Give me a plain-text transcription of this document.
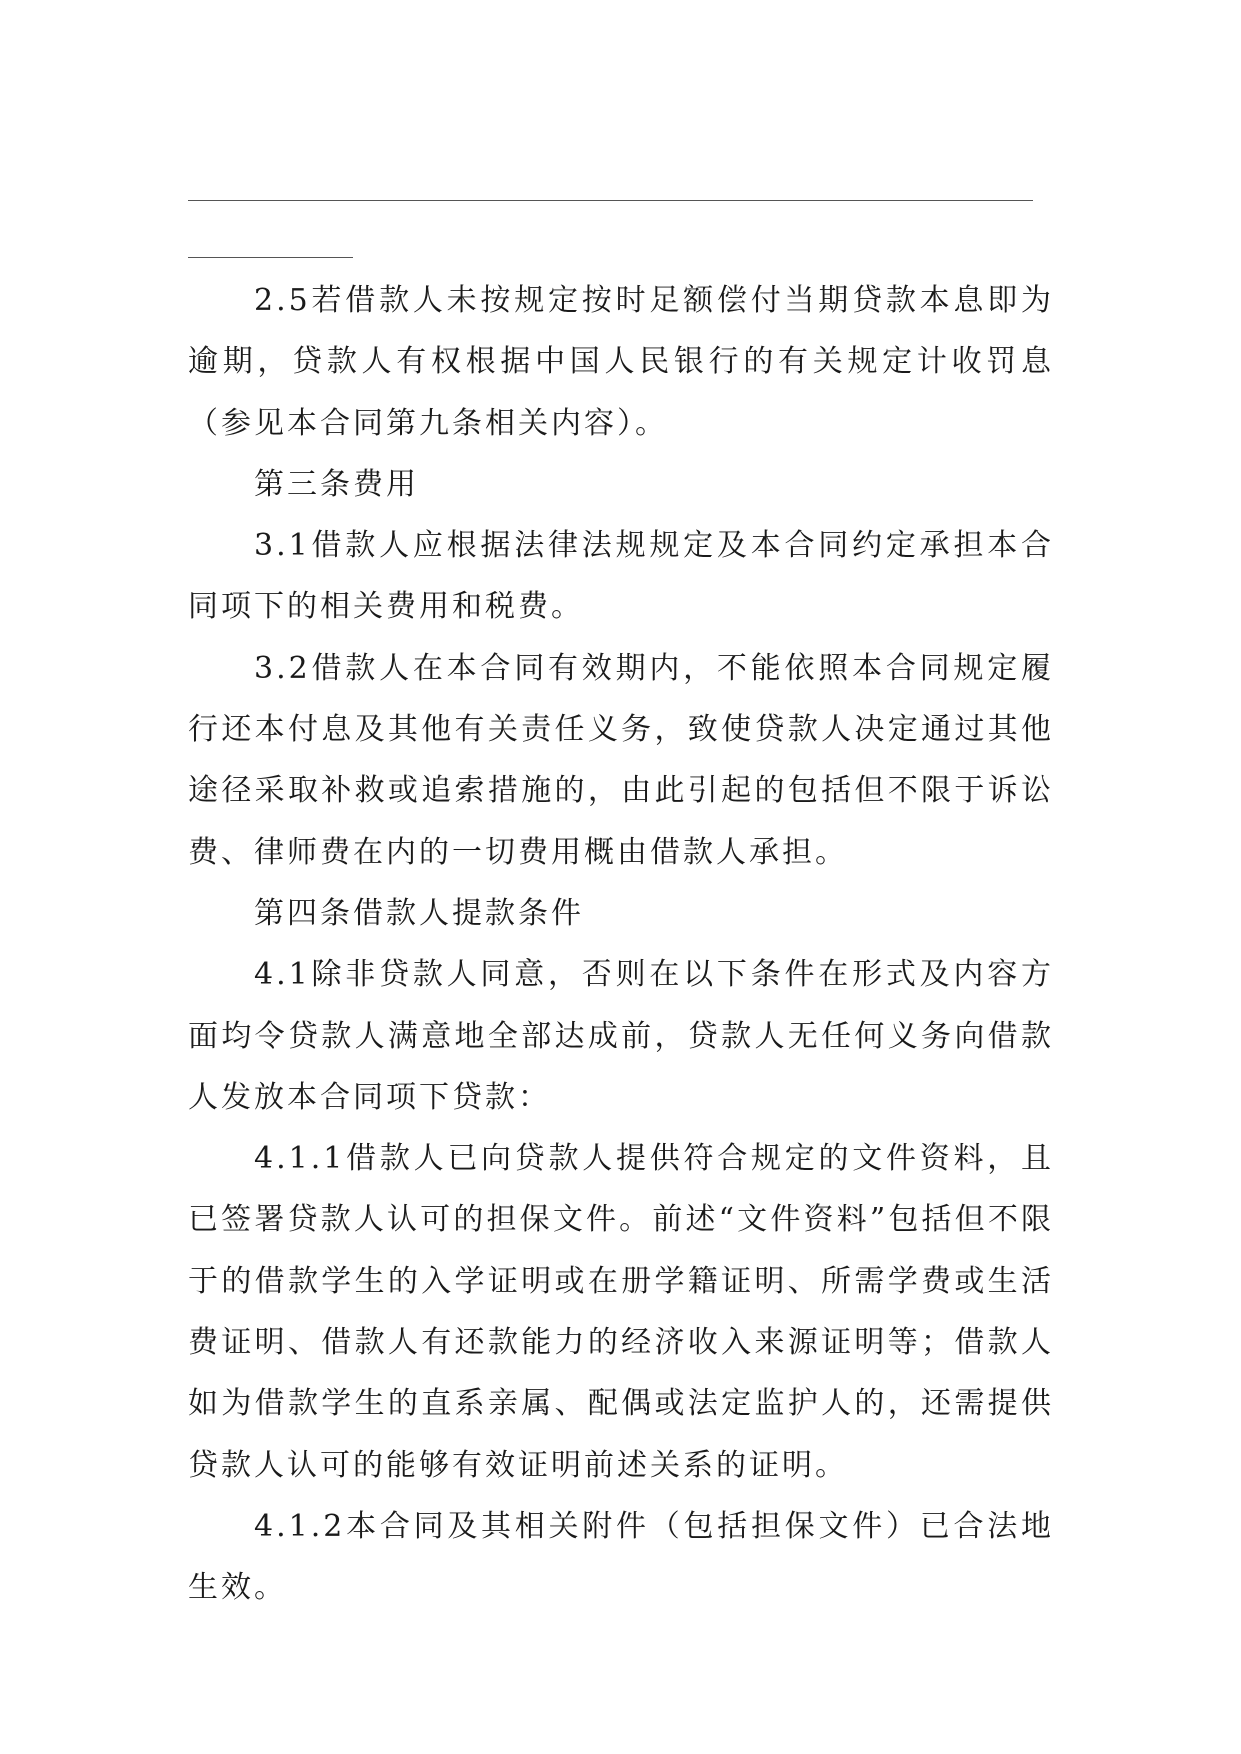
2.5若借款人未按规定按时足额偿付当期贷款本息即为逾期，贷款人有权根据中国人民银行的有关规定计收罚息（参见本合同第九条相关内容）。

第三条费用

3.1借款人应根据法律法规规定及本合同约定承担本合同项下的相关费用和税费。

3.2借款人在本合同有效期内，不能依照本合同规定履行还本付息及其他有关责任义务，致使贷款人决定通过其他途径采取补救或追索措施的，由此引起的包括但不限于诉讼费、律师费在内的一切费用概由借款人承担。

第四条借款人提款条件

4.1除非贷款人同意，否则在以下条件在形式及内容方面均令贷款人满意地全部达成前，贷款人无任何义务向借款人发放本合同项下贷款：

4.1.1借款人已向贷款人提供符合规定的文件资料，且已签署贷款人认可的担保文件。前述“文件资料”包括但不限于的借款学生的入学证明或在册学籍证明、所需学费或生活费证明、借款人有还款能力的经济收入来源证明等；借款人如为借款学生的直系亲属、配偶或法定监护人的，还需提供贷款人认可的能够有效证明前述关系的证明。

4.1.2本合同及其相关附件（包括担保文件）已合法地生效。
